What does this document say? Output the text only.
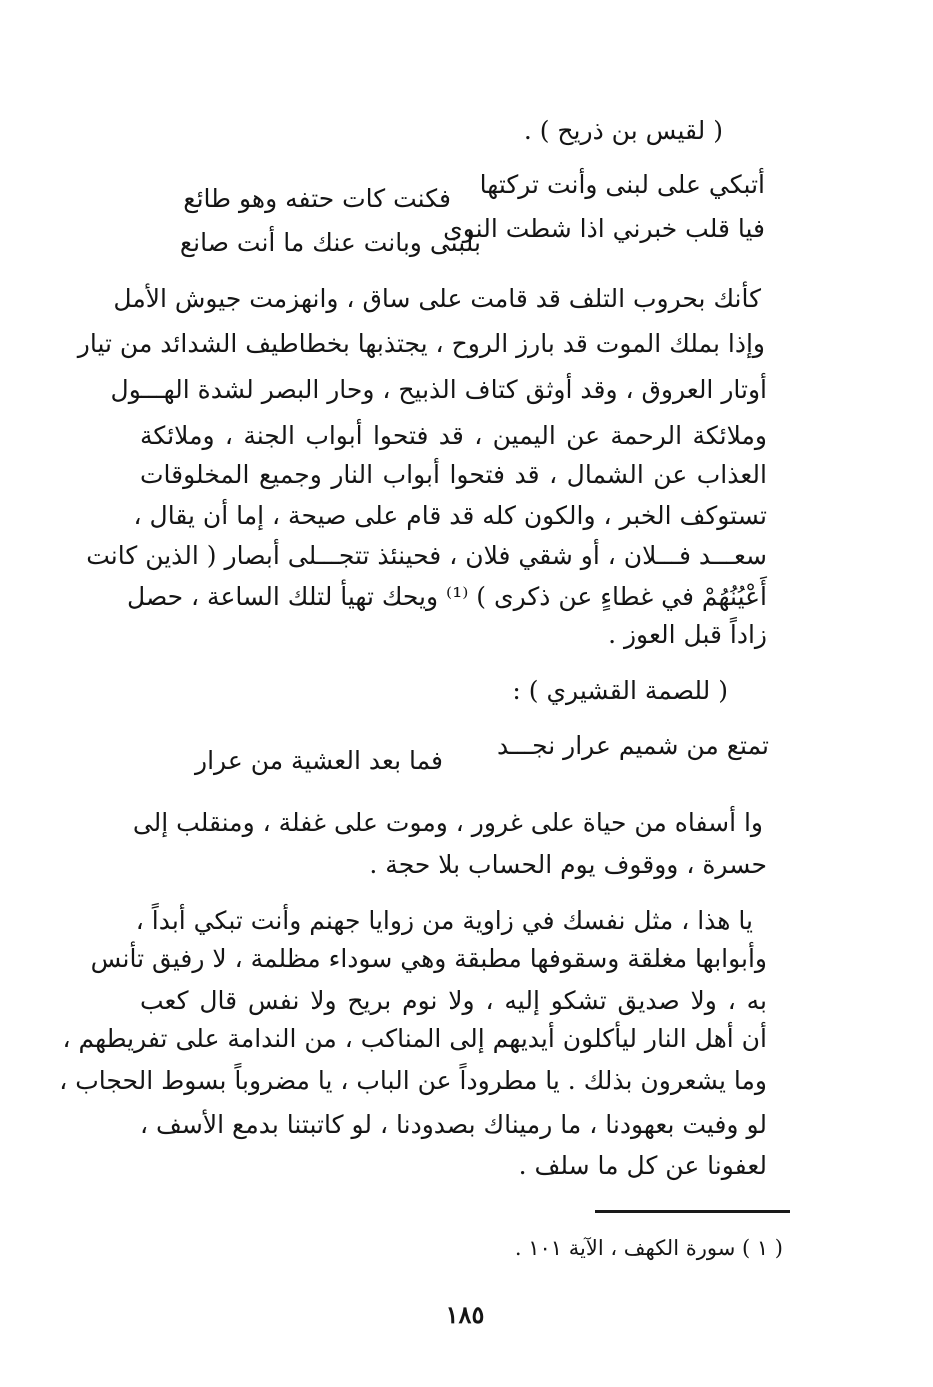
( لقيس بن ذريح ) .
أتبكي على لبنى وأنت تركتها
فكنت كات حتفه وهو طائع
فيا قلب خبرني اذا شطت النوى
بلبنى وبانت عنك ما أنت صانع
كأنك بحروب التلف قد قامت على ساق ، وانهزمت جيوش الأمل
وإذا بملك الموت قد بارز الروح ، يجتذبها بخطاطيف الشدائد من تيار
أوتار العروق ، وقد أوثق كتاف الذبيح ، وحار البصر لشدة الهـــول
وملائكة الرحمة عن اليمين ، قد فتحوا أبواب الجنة ، وملائكة
العذاب عن الشمال ، قد فتحوا أبواب النار وجميع المخلوقات
تستوكف الخبر ، والكون كله قد قام على صيحة ، إما أن يقال ،
سعـــد فـــلان ، أو شقي فلان ، فحينئذ تتجـــلى أبصار ( الذين كانت
أَعْيُنُهُمْ في غطاءٍ عن ذكرى ) ⁽¹⁾ ويحك تهيأ لتلك الساعة ، حصل
زاداً قبل العوز .
( للصمة القشيري ) :
تمتع من شميم عرار نجـــد
فما بعد العشية من عرار
وا أسفاه من حياة على غرور ، وموت على غفلة ، ومنقلب إلى
حسرة ، ووقوف يوم الحساب بلا حجة .
يا هذا ، مثل نفسك في زاوية من زوايا جهنم وأنت تبكي أبداً ،
وأبوابها مغلقة وسقوفها مطبقة وهي سوداء مظلمة ، لا رفيق تأنس
به ، ولا صديق تشكو إليه ، ولا نوم بريح ولا نفس قال كعب
أن أهل النار ليأكلون أيديهم إلى المناكب ، من الندامة على تفريطهم ،
وما يشعرون بذلك . يا مطروداً عن الباب ، يا مضروباً بسوط الحجاب ،
لو وفيت بعهودنا ، ما رميناك بصدودنا ، لو كاتبتنا بدمع الأسف ،
لعفونا عن كل ما سلف .
( ١ ) سورة الكهف ، الآية ١٠١ .
١٨٥
